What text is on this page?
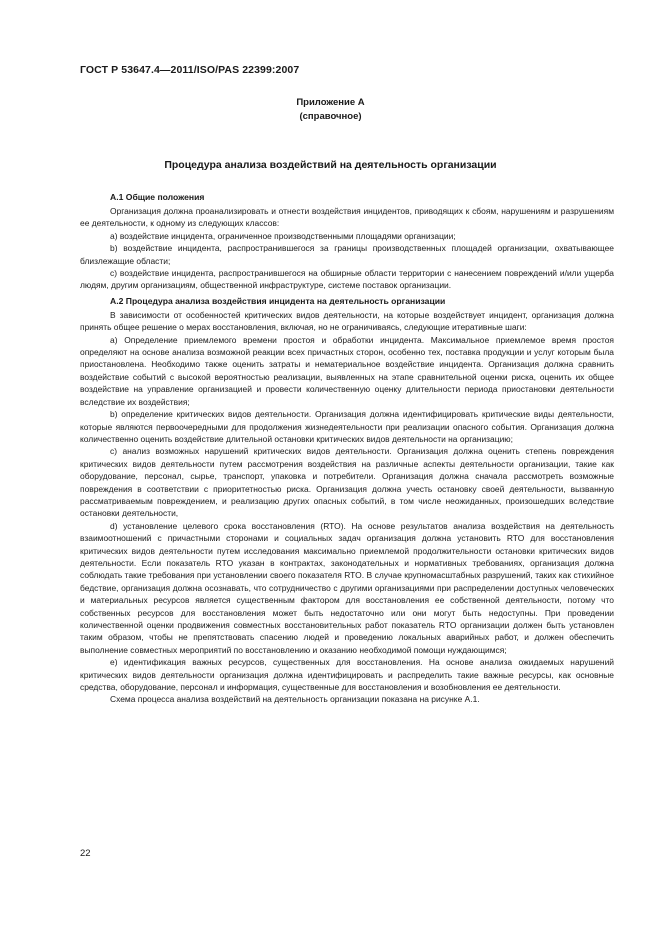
ГОСТ Р 53647.4—2011/ISO/PAS 22399:2007
Приложение А
(справочное)
Процедура анализа воздействий на деятельность организации
А.1 Общие положения

Организация должна проанализировать и отнести воздействия инцидентов, приводящих к сбоям, нарушениям и разрушениям ее деятельности, к одному из следующих классов:

а) воздействие инцидента, ограниченное производственными площадями организации;

b) воздействие инцидента, распространившегося за границы производственных площадей организации, охватывающее близлежащие области;

c) воздействие инцидента, распространившегося на обширные области территории с нанесением повреждений и/или ущерба людям, другим организациям, общественной инфраструктуре, системе поставок организации.

А.2 Процедура анализа воздействия инцидента на деятельность организации

В зависимости от особенностей критических видов деятельности, на которые воздействует инцидент, организация должна принять общее решение о мерах восстановления, включая, но не ограничиваясь, следующие итеративные шаги:

а) Определение приемлемого времени простоя и обработки инцидента. Максимальное приемлемое время простоя определяют на основе анализа возможной реакции всех причастных сторон, особенно тех, поставка продукции и услуг которым была приостановлена. Необходимо также оценить затраты и нематериальное воздействие инцидента. Организация должна сравнить воздействие событий с высокой вероятностью реализации, выявленных на этапе сравнительной оценки риска, оценить их общее воздействие на управление организацией и провести количественную оценку длительности периода приостановки деятельности вследствие их воздействия;

b) определение критических видов деятельности. Организация должна идентифицировать критические виды деятельности, которые являются первоочередными для продолжения жизнедеятельности при реализации опасного события. Организация должна количественно оценить воздействие длительной остановки критических видов деятельности на организацию;

c) анализ возможных нарушений критических видов деятельности. Организация должна оценить степень повреждения критических видов деятельности путем рассмотрения воздействия на различные аспекты деятельности организации, такие как оборудование, персонал, сырье, транспорт, упаковка и потребители. Организация должна сначала рассмотреть возможные повреждения в соответствии с приоритетностью риска. Организация должна учесть остановку своей деятельности, вызванную рассматриваемым повреждением, и реализацию других опасных событий, в том числе неожиданных, произошедших вследствие остановки деятельности,

d) установление целевого срока восстановления (RTO). На основе результатов анализа воздействия на деятельность взаимоотношений с причастными сторонами и социальных задач организация должна установить RTO для восстановления критических видов деятельности путем исследования максимально приемлемой продолжительности остановки критических видов деятельности. Если показатель RTO указан в контрактах, законодательных и нормативных требованиях, организация должна соблюдать такие требования при установлении своего показателя RTO. В случае крупномасштабных разрушений, таких как стихийное бедствие, организация должна осознавать, что сотрудничество с другими организациями при распределении доступных человеческих и материальных ресурсов является существенным фактором для восстановления ее собственной деятельности, потому что собственных ресурсов для восстановления может быть недостаточно или они могут быть недоступны. При проведении количественной оценки продвижения совместных восстановительных работ показатель RTO организации должен быть установлен таким образом, чтобы не препятствовать спасению людей и проведению локальных аварийных работ, и должен обеспечить выполнение совместных мероприятий по восстановлению и оказанию необходимой помощи нуждающимся;

e) идентификация важных ресурсов, существенных для восстановления. На основе анализа ожидаемых нарушений критических видов деятельности организация должна идентифицировать и распределить такие важные ресурсы, как основные средства, оборудование, персонал и информация, существенные для восстановления и возобновления ее деятельности.

Схема процесса анализа воздействий на деятельность организации показана на рисунке А.1.

22
